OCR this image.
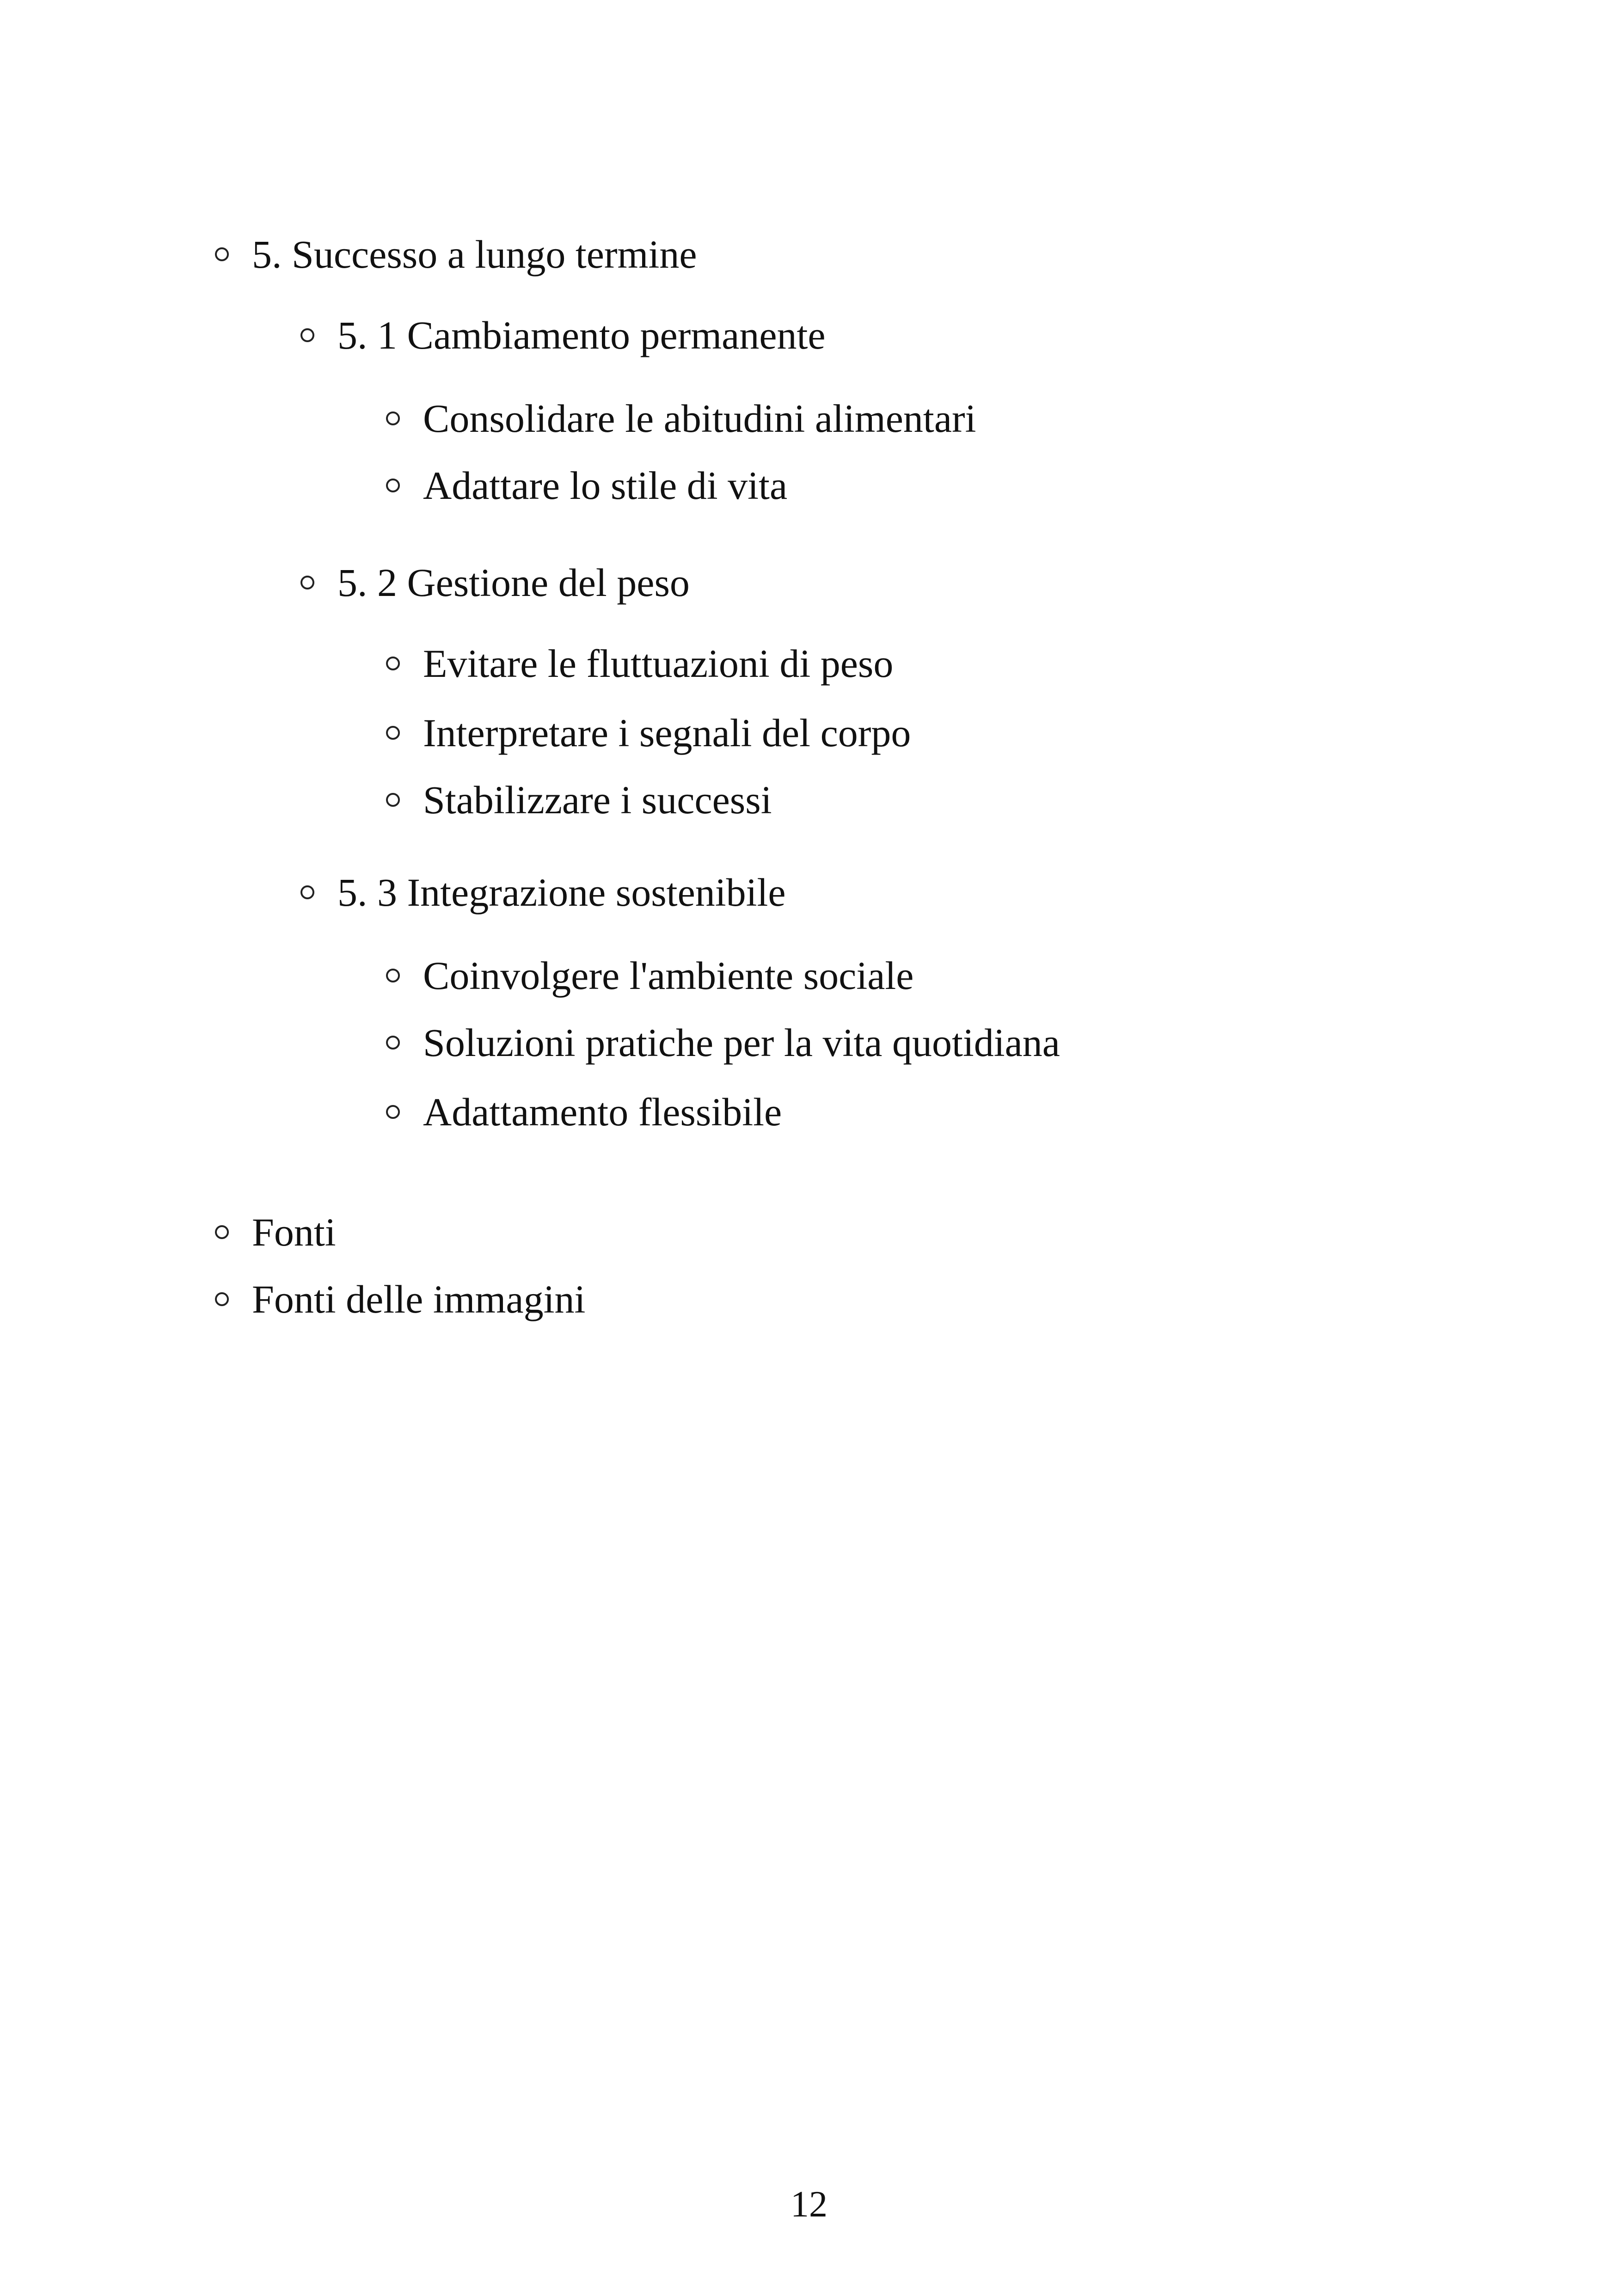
5. Successo a lungo termine
5. 1 Cambiamento permanente
Consolidare le abitudini alimentari
Adattare lo stile di vita
5. 2 Gestione del peso
Evitare le fluttuazioni di peso
Interpretare i segnali del corpo
Stabilizzare i successi
5. 3 Integrazione sostenibile
Coinvolgere l'ambiente sociale
Soluzioni pratiche per la vita quotidiana
Adattamento flessibile
Fonti
Fonti delle immagini
12
